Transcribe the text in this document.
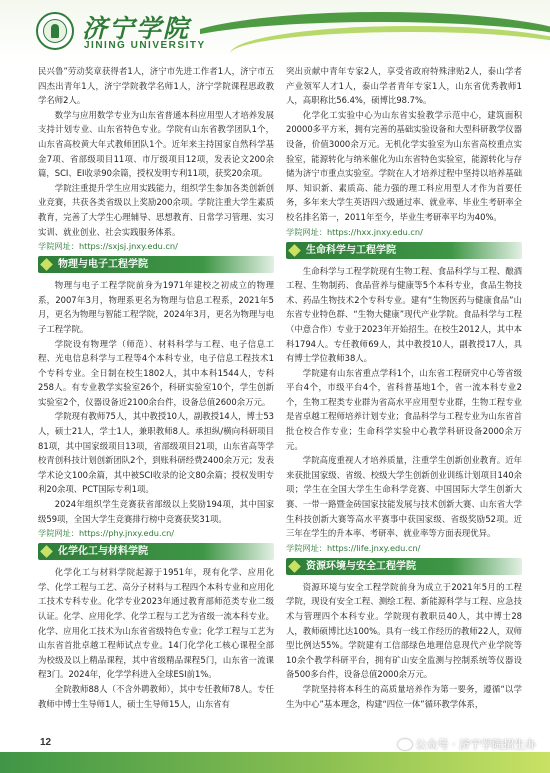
济宁学院
JINING UNIVERSITY

民兴鲁”劳动奖章获得者1人，济宁市先进工作者1人，济宁市五四杰出青年1人，济宁学院教学名师1人，济宁学院课程思政教学名师2人。

数学与应用数学专业为山东省普通本科应用型人才培养发展支持计划专业、山东省特色专业。学院有山东省教学团队1个，山东省高校黄大年式教师团队1个。近年来主持国家自然科学基金7项、省部级项目11项、市厅级项目12项，发表论文200余篇，SCI、EI收录90余篇，授权发明专利11项，获奖20余项。

学院注重提升学生应用实践能力，组织学生参加各类创新创业竞赛，共获各类省级以上奖励200余项。学院注重大学生素质教育，完善了大学生心理辅导、思想教育、日常学习管理、实习实训、就业创业、社会实践服务体系。

学院网址：https://sxjsj.jnxy.edu.cn/
物理与电子工程学院

物理与电子工程学院前身为1971年建校之初成立的物理系，2007年3月，物理系更名为物理与信息工程系，2021年5月，更名为物理与智能工程学院，2024年3月，更名为物理与电子工程学院。

学院设有物理学（师范）、材料科学与工程、电子信息工程、光电信息科学与工程等4个本科专业，电子信息工程技术1个专科专业。全日制在校生1802人，其中本科1544人，专科258人。有专业教学实验室26个，科研实验室10个，学生创新实验室2个，仪器设备近2100余台件，设备总值2600余万元。

学院现有教师75人，其中教授10人，副教授14人，博士53人，硕士21人，学士1人，兼职教师8人。承担纵/横向科研项目81项，其中国家级项目13项，省部级项目21项，山东省高等学校青创科技计划创新团队2个，到账科研经费2400余万元；发表学术论文100余篇，其中被SCI收录的论文80余篇；授权发明专利20余项、PCT国际专利1项。

2024年组织学生竞赛获省部级以上奖励194项，其中国家级59项，全国大学生竞赛排行榜中竞赛获奖31项。

学院网址：https://phy.jnxy.edu.cn/
化学化工与材料学院

化学化工与材料学院起源于1951年，现有化学、应用化学、化学工程与工艺、高分子材料与工程四个本科专业和应用化工技术专科专业。化学专业2023年通过教育部师范类专业二级认证。化学、应用化学、化学工程与工艺为省级一流本科专业。化学、应用化工技术为山东省省级特色专业；化学工程与工艺为山东省首批卓越工程师试点专业。14门化学化工核心课程全部为校级及以上精品课程，其中省级精品课程5门，山东省一流课程3门。2024年，化学学科进入全球ESI前1%。

全院教师88人（不含外聘教师），其中专任教师78人。专任教师中博士生导师1人，硕士生导师15人，山东省有

突出贡献中青年专家2人，享受省政府特殊津贴2人，泰山学者产业领军人才1人，泰山学者青年专家1人，山东省优秀教师1人，高职称比56.4%，硕博比98.7%。

化学化工实验中心为山东省实验教学示范中心，建筑面积20000多平方米，拥有完善的基础实验设备和大型科研教学仪器设备，价值3000余万元。无机化学实验室为山东省高校重点实验室，能源转化与纳米催化为山东省特色实验室，能源转化与存储为济宁市重点实验室。学院在人才培养过程中坚持以培养基础厚、知识新、素质高、能力强的理工科应用型人才作为首要任务，多年来大学生英语四六级通过率、就业率、毕业生考研率全校名排名第一，2011年至今，毕业生考研率平均为40%。

学院网址：https://hxx.jnxy.edu.cn/
生命科学与工程学院

生命科学与工程学院现有生物工程、食品科学与工程、酿酒工程、生物制药、食品营养与健康等5个本科专业，食品生物技术、药品生物技术2个专科专业。建有“生物医药与健康食品”山东省专业特色群、“生物大健康”现代产业学院。食品科学与工程（中意合作）专业于2023年开始招生。在校生2012人，其中本科1794人。专任教师69人，其中教授10人，副教授17人，具有博士学位教师38人。

学院建有山东省重点学科1个，山东省工程研究中心等省级平台4个，市级平台4个，省科普基地1个，省一流本科专业2个，生物工程类专业群为省高水平应用型专业群，生物工程专业是省卓越工程师培养计划专业；食品科学与工程专业为山东省首批仓校合作专业；生命科学实验中心教学科研设备2000余万元。

学院高度重视人才培养质量，注重学生创新创业教育。近年来获批国家级、省级、校级大学生创新创业训练计划项目140余项；学生在全国大学生生命科学竞赛、中国国际大学生创新大赛、一带一路暨金砖国家技能发展与技术创新大赛、山东省大学生科技创新大赛等高水平赛事中获国家级、省级奖励52项。近三年在学生的升本率、考研率、就业率等方面表现优异。

学院网址：https://life.jnxy.edu.cn/
资源环境与安全工程学院

资源环境与安全工程学院前身为成立于2021年5月的工程学院，现设有安全工程、测绘工程、新能源科学与工程、应急技术与管理四个本科专业。学院现有教职员40人，其中博士28人，教师硕博比达100%。具有一线工作经历的教师22人，双师型比例达55%。学院建有工信部绿色地理信息现代产业学院等10余个教学科研平台，拥有矿山安全监测与控制系统等仪器设备500多台件，设备总值2000余万元。

学院坚持将本科生的高质量培养作为第一要务，遵循“以学生为中心”基本理念，构建“四位一体”循环教学体系，

12	公众号 · 济宁学院招生办
